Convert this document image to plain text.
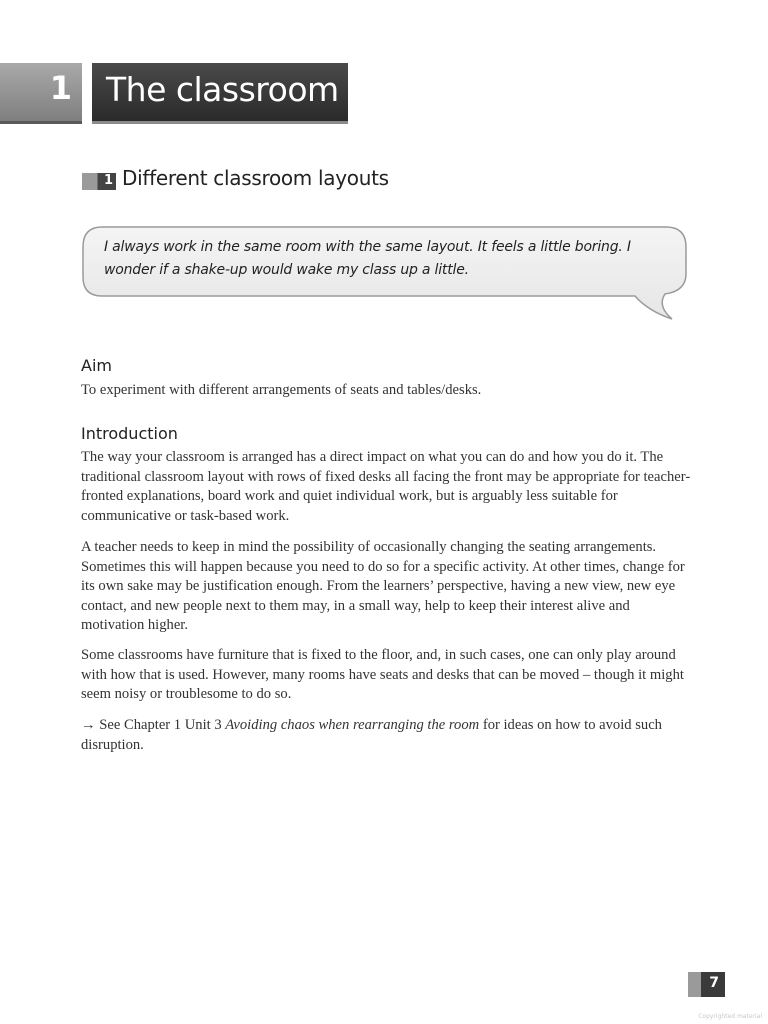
1 The classroom
1 Different classroom layouts
I always work in the same room with the same layout. It feels a little boring. I wonder if a shake-up would wake my class up a little.
Aim

To experiment with different arrangements of seats and tables/desks.

Introduction

The way your classroom is arranged has a direct impact on what you can do and how you do it. The traditional classroom layout with rows of fixed desks all facing the front may be appropriate for teacher-fronted explanations, board work and quiet individual work, but is arguably less suitable for communicative or task-based work.

A teacher needs to keep in mind the possibility of occasionally changing the seating arrangements. Sometimes this will happen because you need to do so for a specific activity. At other times, change for its own sake may be justification enough. From the learners’ perspective, having a new view, new eye contact, and new people next to them may, in a small way, help to keep their interest alive and motivation higher.

Some classrooms have furniture that is fixed to the floor, and, in such cases, one can only play around with how that is used. However, many rooms have seats and desks that can be moved – though it might seem noisy or troublesome to do so.

→ See Chapter 1 Unit 3 Avoiding chaos when rearranging the room for ideas on how to avoid such disruption.

7
Copyrighted material
